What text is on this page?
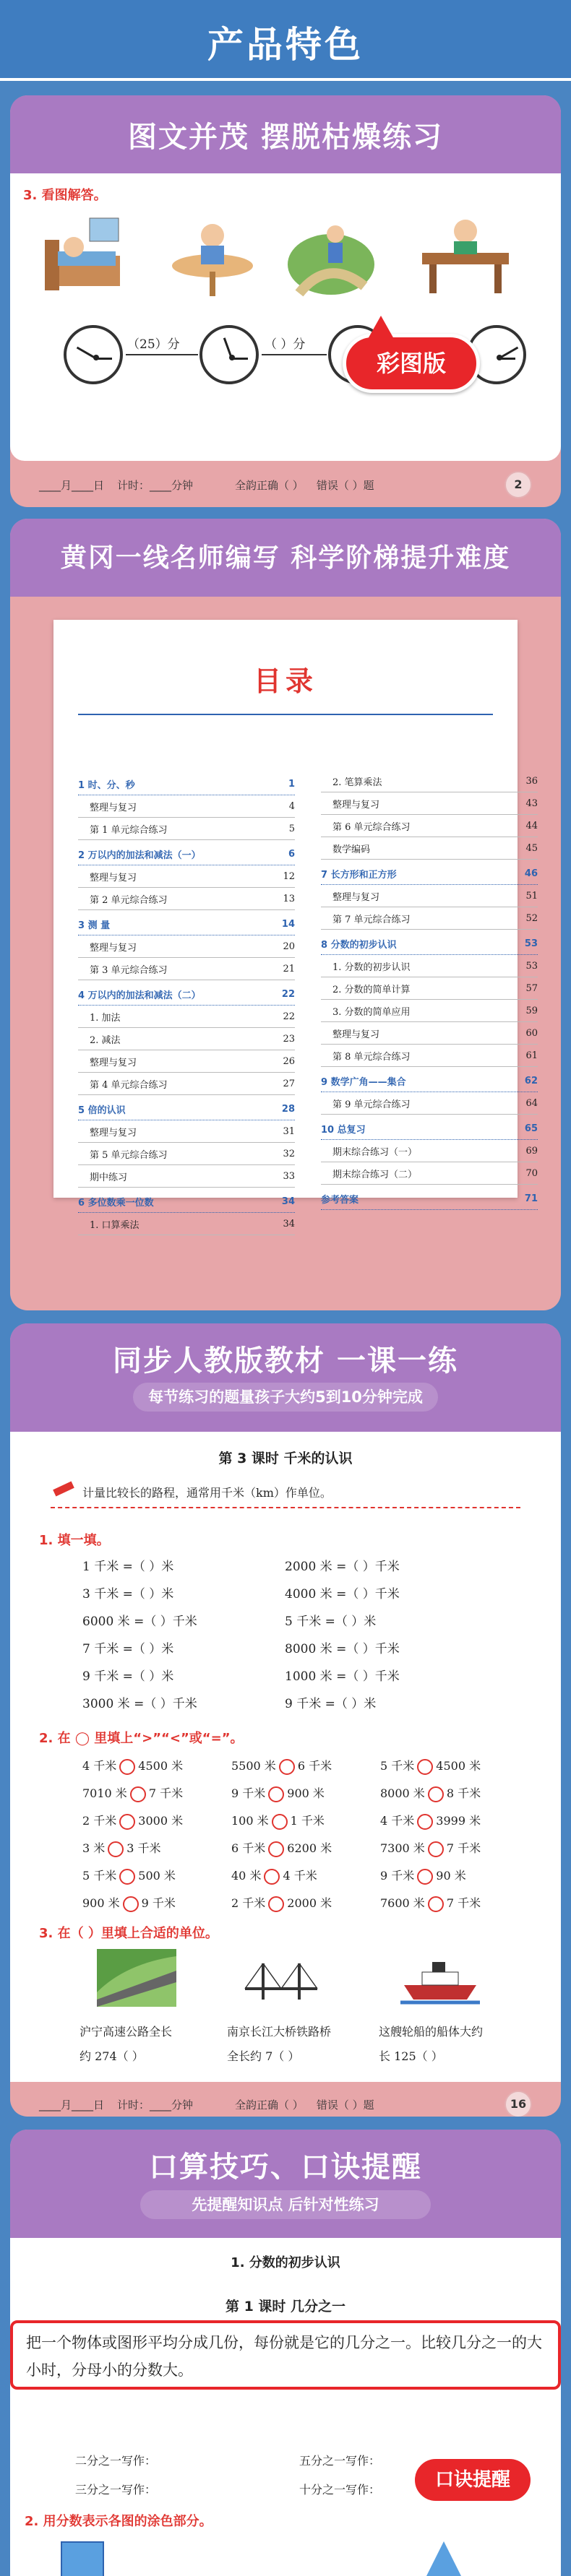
产品特色
图文并茂 摆脱枯燥练习
3. 看图解答。
（25）分	（ ）分
彩图版
____月____日 计时：____分钟	全韵正确（ ） 错误（ ）题	2
黄冈一线名师编写 科学阶梯提升难度
目录
1 时、分、秒	1
整理与复习	4
第 1 单元综合练习	5
2 万以内的加法和减法（一）	6
整理与复习	12
第 2 单元综合练习	13
3 测 量	14
整理与复习	20
第 3 单元综合练习	21
4 万以内的加法和减法（二）	22
1. 加法	22
2. 减法	23
整理与复习	26
第 4 单元综合练习	27
5 倍的认识	28
整理与复习	31
第 5 单元综合练习	32
期中练习	33
6 多位数乘一位数	34
1. 口算乘法	34
2. 笔算乘法	36
整理与复习	43
第 6 单元综合练习	44
数学编码	45
7 长方形和正方形	46
整理与复习	51
第 7 单元综合练习	52
8 分数的初步认识	53
1. 分数的初步认识	53
2. 分数的简单计算	57
3. 分数的简单应用	59
整理与复习	60
第 8 单元综合练习	61
9 数学广角——集合	62
第 9 单元综合练习	64
10 总复习	65
期末综合练习（一）	69
期末综合练习（二）	70
参考答案	71
同步人教版教材 一课一练
每节练习的题量孩子大约5到10分钟完成
第 3 课时 千米的认识
计量比较长的路程，通常用千米（km）作单位。
1. 填一填。
1 千米 =（ ）米	2000 米 =（ ）千米
3 千米 =（ ）米	4000 米 =（ ）千米
6000 米 =（ ）千米	5 千米 =（ ）米
7 千米 =（ ）米	8000 米 =（ ）千米
9 千米 =（ ）米	1000 米 =（ ）千米
3000 米 =（ ）千米	9 千米 =（ ）米
2. 在 ◯ 里填上“>”“<”或“=”。
4 千米 4500 米	5500 米 6 千米	5 千米 4500 米
7010 米 7 千米	9 千米 900 米	8000 米 8 千米
2 千米 3000 米	100 米 1 千米	4 千米 3999 米
3 米 3 千米	6 千米 6200 米	7300 米 7 千米
5 千米 500 米	40 米 4 千米	9 千米 90 米
900 米 9 千米	2 千米 2000 米	7600 米 7 千米
3. 在（ ）里填上合适的单位。
沪宁高速公路全长
约 274（ ）
南京长江大桥铁路桥
全长约 7（ ）
这艘轮船的船体大约
长 125（ ）
____月____日 计时：____分钟	全韵正确（ ） 错误（ ）题	16
口算技巧、口诀提醒
先提醒知识点 后针对性练习
1. 分数的初步认识
第 1 课时 几分之一
二分之一写作：	五分之一写作：
三分之一写作：	十分之一写作：
2. 用分数表示各图的涂色部分。
把一个物体或图形平均分成几份，每份就是它的几分之一。比较几分之一的大小时，分母小的分数大。
口诀提醒
